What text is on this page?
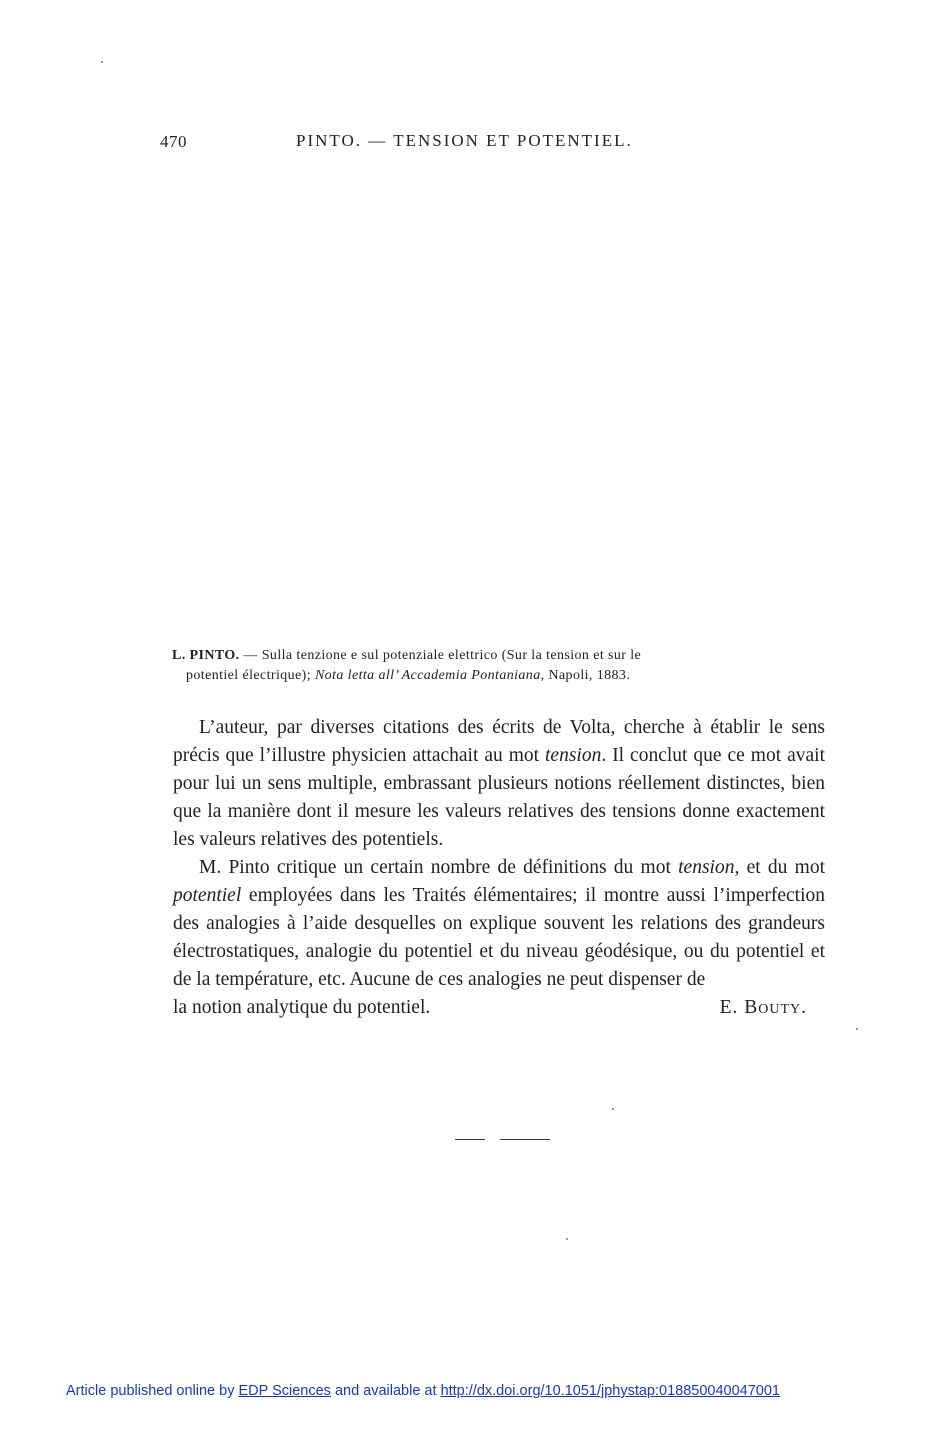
470	PINTO. — TENSION ET POTENTIEL.
L. PINTO. — Sulla tenzione e sul potenziale elettrico (Sur la tension et sur le
potentiel électrique); Nota letta all’ Accademia Pontaniana, Napoli, 1883.

L’auteur, par diverses citations des écrits de Volta, cherche à établir le sens précis que l’illustre physicien attachait au mot tension. Il conclut que ce mot avait pour lui un sens multiple, embrassant plusieurs notions réellement distinctes, bien que la manière dont il mesure les valeurs relatives des tensions donne exactement les valeurs relatives des potentiels.

M. Pinto critique un certain nombre de définitions du mot tension, et du mot potentiel employées dans les Traités élémentaires; il montre aussi l’imperfection des analogies à l’aide desquelles on explique souvent les relations des grandeurs électrostatiques, analogie du potentiel et du niveau géodésique, ou du potentiel et de la température, etc. Aucune de ces analogies ne peut dispenser de

la notion analytique du potentiel.	E. Bouty.
Article published online by EDP Sciences and available at http://dx.doi.org/10.1051/jphystap:018850040047001
